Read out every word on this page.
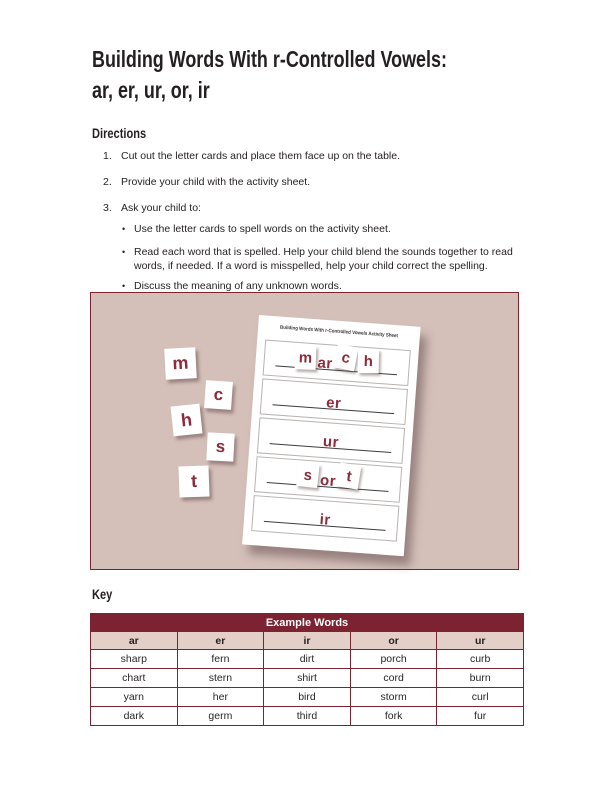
Building Words With r-Controlled Vowels:
ar, er, ur, or, ir
Directions
1. Cut out the letter cards and place them face up on the table.
2. Provide your child with the activity sheet.
3. Ask your child to:
• Use the letter cards to spell words on the activity sheet.
• Read each word that is spelled. Help your child blend the sounds together to read words, if needed. If a word is misspelled, help your child correct the spelling.
• Discuss the meaning of any unknown words.
m
c
h
s
t
Building Words With r-Controlled Vowels Activity Sheet
m ar c h
er
ur
s or t
ir
Key
Example Words				
ar	er	ir	or	ur
sharp	fern	dirt	porch	curb
chart	stern	shirt	cord	burn
yarn	her	bird	storm	curl
dark	germ	third	fork	fur
